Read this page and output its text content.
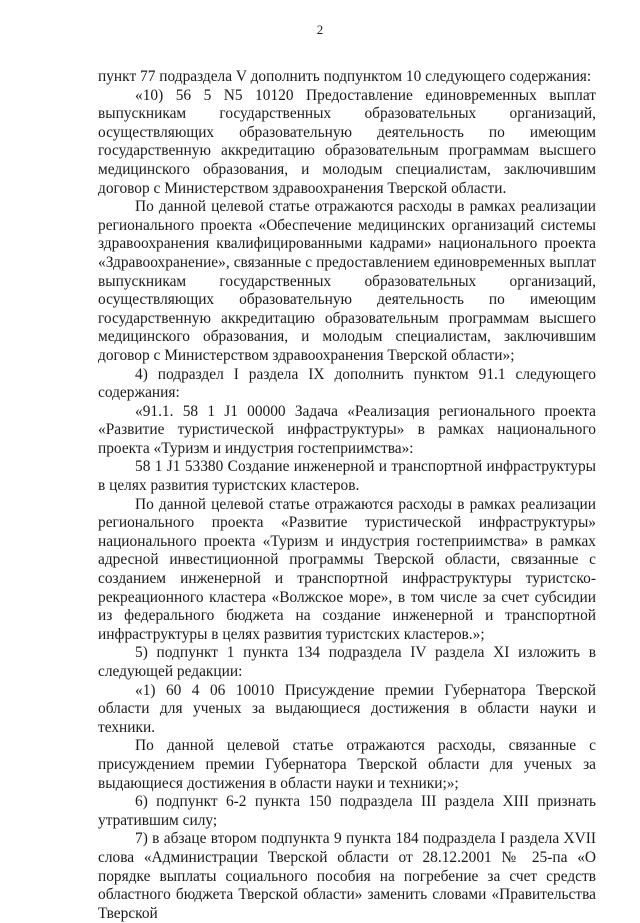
2

пункт 77 подраздела V дополнить подпунктом 10 следующего содержания:

«10) 56 5 N5 10120 Предоставление единовременных выплат выпускникам государственных образовательных организаций, осуществляющих образовательную деятельность по имеющим государственную аккредитацию образовательным программам высшего медицинского образования, и молодым специалистам, заключившим договор с Министерством здравоохранения Тверской области.

По данной целевой статье отражаются расходы в рамках реализации регионального проекта «Обеспечение медицинских организаций системы здравоохранения квалифицированными кадрами» национального проекта «Здравоохранение», связанные с предоставлением единовременных выплат выпускникам государственных образовательных организаций, осуществляющих образовательную деятельность по имеющим государственную аккредитацию образовательным программам высшего медицинского образования, и молодым специалистам, заключившим договор с Министерством здравоохранения Тверской области»;

4) подраздел I раздела IX дополнить пунктом 91.1 следующего содержания:

«91.1. 58 1 J1 00000 Задача «Реализация регионального проекта «Развитие туристической инфраструктуры» в рамках национального проекта «Туризм и индустрия гостеприимства»:

58 1 J1 53380 Создание инженерной и транспортной инфраструктуры в целях развития туристских кластеров.

По данной целевой статье отражаются расходы в рамках реализации регионального проекта «Развитие туристической инфраструктуры» национального проекта «Туризм и индустрия гостеприимства» в рамках адресной инвестиционной программы Тверской области, связанные с созданием инженерной и транспортной инфраструктуры туристско-рекреационного кластера «Волжское море», в том числе за счет субсидии из федерального бюджета на создание инженерной и транспортной инфраструктуры в целях развития туристских кластеров.»;

5) подпункт 1 пункта 134 подраздела IV раздела XI изложить в следующей редакции:

«1) 60 4 06 10010 Присуждение премии Губернатора Тверской области для ученых за выдающиеся достижения в области науки и техники.

По данной целевой статье отражаются расходы, связанные с присуждением премии Губернатора Тверской области для ученых за выдающиеся достижения в области науки и техники;»;

6) подпункт 6-2 пункта 150 подраздела III раздела XIII признать утратившим силу;

7) в абзаце втором подпункта 9 пункта 184 подраздела I раздела XVII слова «Администрации Тверской области от 28.12.2001 № 25-па «О порядке выплаты социального пособия на погребение за счет средств областного бюджета Тверской области» заменить словами «Правительства Тверской
